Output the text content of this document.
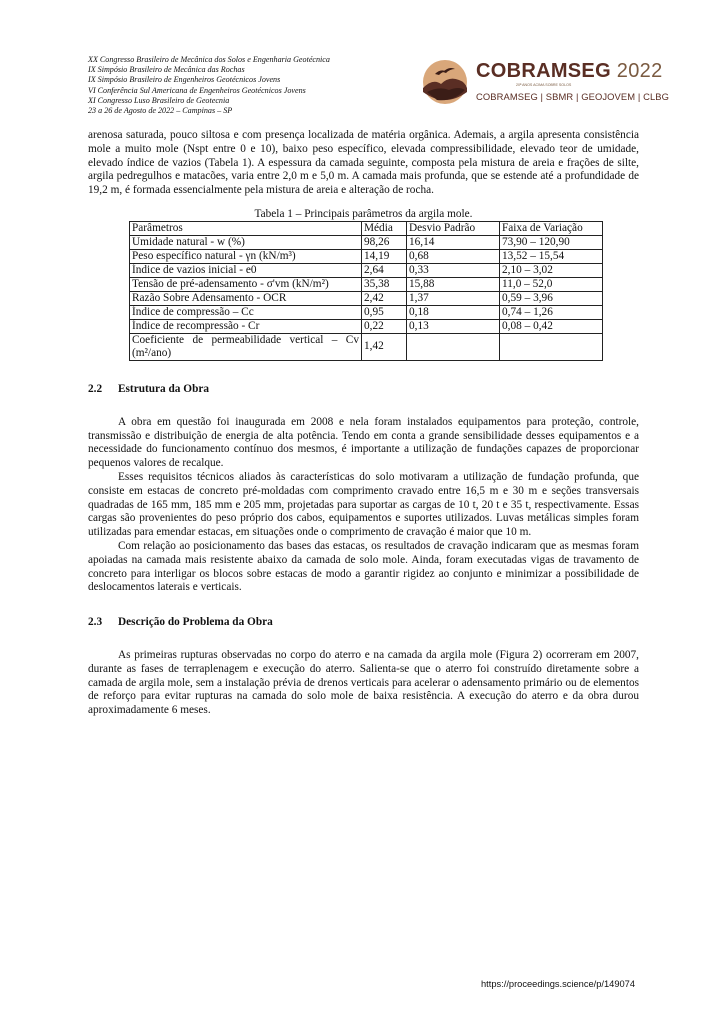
XX Congresso Brasileiro de Mecânica dos Solos e Engenharia Geotécnica
IX Simpósio Brasileiro de Mecânica das Rochas
IX Simpósio Brasileiro de Engenheiros Geotécnicos Jovens
VI Conferência Sul Americana de Engenheiros Geotécnicos Jovens
XI Congresso Luso Brasileiro de Geotecnia
23 a 26 de Agosto de 2022 – Campinas – SP
COBRAMSEG 2022
20ª ANOS ACIMA SOBRE SOLOS
COBRAMSEG | SBMR | GEOJOVEM | CLBG

arenosa saturada, pouco siltosa e com presença localizada de matéria orgânica. Ademais, a argila apresenta consistência mole a muito mole (Nspt entre 0 e 10), baixo peso específico, elevada compressibilidade, elevado teor de umidade, elevado índice de vazios (Tabela 1). A espessura da camada seguinte, composta pela mistura de areia e frações de silte, argila pedregulhos e matacões, varia entre 2,0 m e 5,0 m. A camada mais profunda, que se estende até a profundidade de 19,2 m, é formada essencialmente pela mistura de areia e alteração de rocha.

Tabela 1 – Principais parâmetros da argila mole.
Parâmetros	Média	Desvio Padrão	Faixa de Variação
Umidade natural - w (%)	98,26	16,14	73,90 – 120,90
Peso específico natural - γn (kN/m³)	14,19	0,68	13,52 – 15,54
Índice de vazios inicial - e0	2,64	0,33	2,10 – 3,02
Tensão de pré-adensamento - σ'vm (kN/m²)	35,38	15,88	11,0 – 52,0
Razão Sobre Adensamento - OCR	2,42	1,37	0,59 – 3,96
Índice de compressão – Cc	0,95	0,18	0,74 – 1,26
Índice de recompressão - Cr	0,22	0,13	0,08 – 0,42
Coeficiente de permeabilidade vertical – Cv (m²/ano)	1,42		
2.2 Estrutura da Obra

A obra em questão foi inaugurada em 2008 e nela foram instalados equipamentos para proteção, controle, transmissão e distribuição de energia de alta potência. Tendo em conta a grande sensibilidade desses equipamentos e a necessidade do funcionamento contínuo dos mesmos, é importante a utilização de fundações capazes de proporcionar pequenos valores de recalque.

Esses requisitos técnicos aliados às características do solo motivaram a utilização de fundação profunda, que consiste em estacas de concreto pré-moldadas com comprimento cravado entre 16,5 m e 30 m e seções transversais quadradas de 165 mm, 185 mm e 205 mm, projetadas para suportar as cargas de 10 t, 20 t e 35 t, respectivamente. Essas cargas são provenientes do peso próprio dos cabos, equipamentos e suportes utilizados. Luvas metálicas simples foram utilizadas para emendar estacas, em situações onde o comprimento de cravação é maior que 10 m.

Com relação ao posicionamento das bases das estacas, os resultados de cravação indicaram que as mesmas foram apoiadas na camada mais resistente abaixo da camada de solo mole. Ainda, foram executadas vigas de travamento de concreto para interligar os blocos sobre estacas de modo a garantir rigidez ao conjunto e minimizar a possibilidade de deslocamentos laterais e verticais.

2.3 Descrição do Problema da Obra

As primeiras rupturas observadas no corpo do aterro e na camada da argila mole (Figura 2) ocorreram em 2007, durante as fases de terraplenagem e execução do aterro. Salienta-se que o aterro foi construído diretamente sobre a camada de argila mole, sem a instalação prévia de drenos verticais para acelerar o adensamento primário ou de elementos de reforço para evitar rupturas na camada do solo mole de baixa resistência. A execução do aterro e da obra durou aproximadamente 6 meses.

https://proceedings.science/p/149074
